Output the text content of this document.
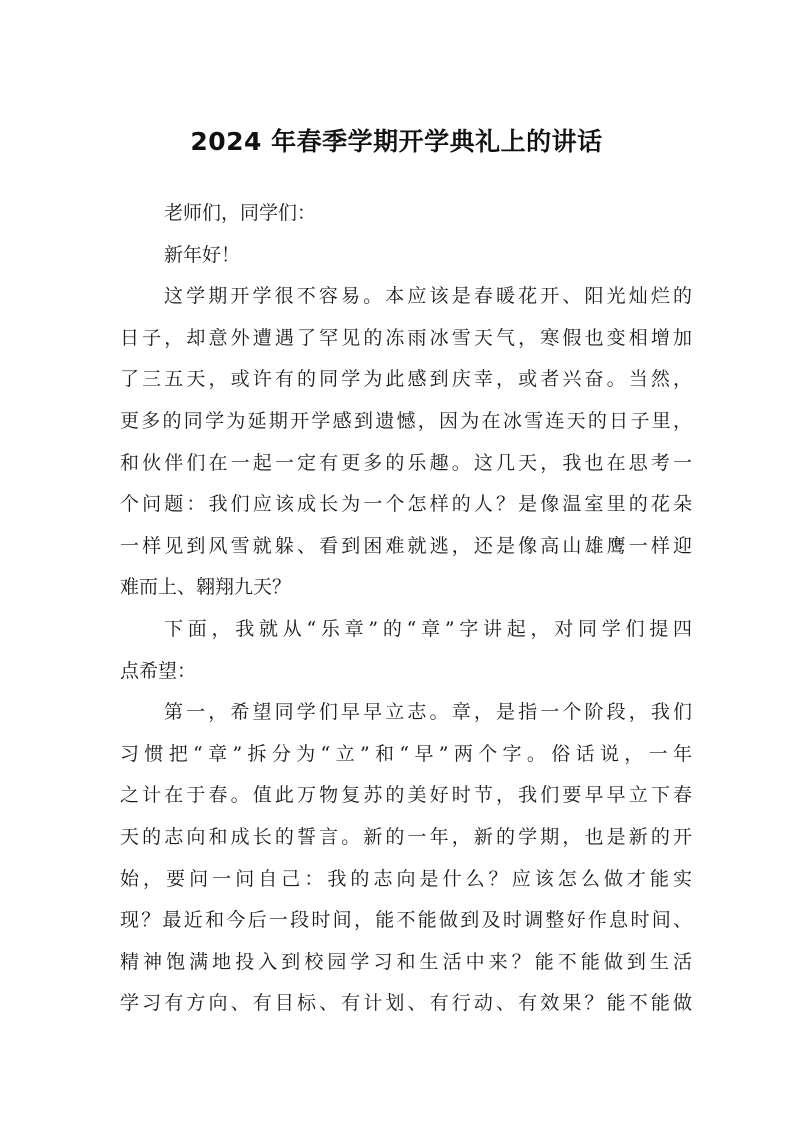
2024 年春季学期开学典礼上的讲话
老师们，同学们：
新年好！
这学期开学很不容易。本应该是春暖花开、阳光灿烂的
日子，却意外遭遇了罕见的冻雨冰雪天气，寒假也变相增加
了三五天，或许有的同学为此感到庆幸，或者兴奋。当然，
更多的同学为延期开学感到遗憾，因为在冰雪连天的日子里，
和伙伴们在一起一定有更多的乐趣。这几天，我也在思考一
个问题：我们应该成长为一个怎样的人？是像温室里的花朵
一样见到风雪就躲、看到困难就逃，还是像高山雄鹰一样迎
难而上、翱翔九天？
下面，我就从“乐章”的“章”字讲起，对同学们提四
点希望：
第一，希望同学们早早立志。章，是指一个阶段，我们
习惯把“章”拆分为“立”和“早”两个字。俗话说，一年
之计在于春。值此万物复苏的美好时节，我们要早早立下春
天的志向和成长的誓言。新的一年，新的学期，也是新的开
始，要问一问自己：我的志向是什么？应该怎么做才能实
现？最近和今后一段时间，能不能做到及时调整好作息时间、
精神饱满地投入到校园学习和生活中来？能不能做到生活
学习有方向、有目标、有计划、有行动、有效果？能不能做
